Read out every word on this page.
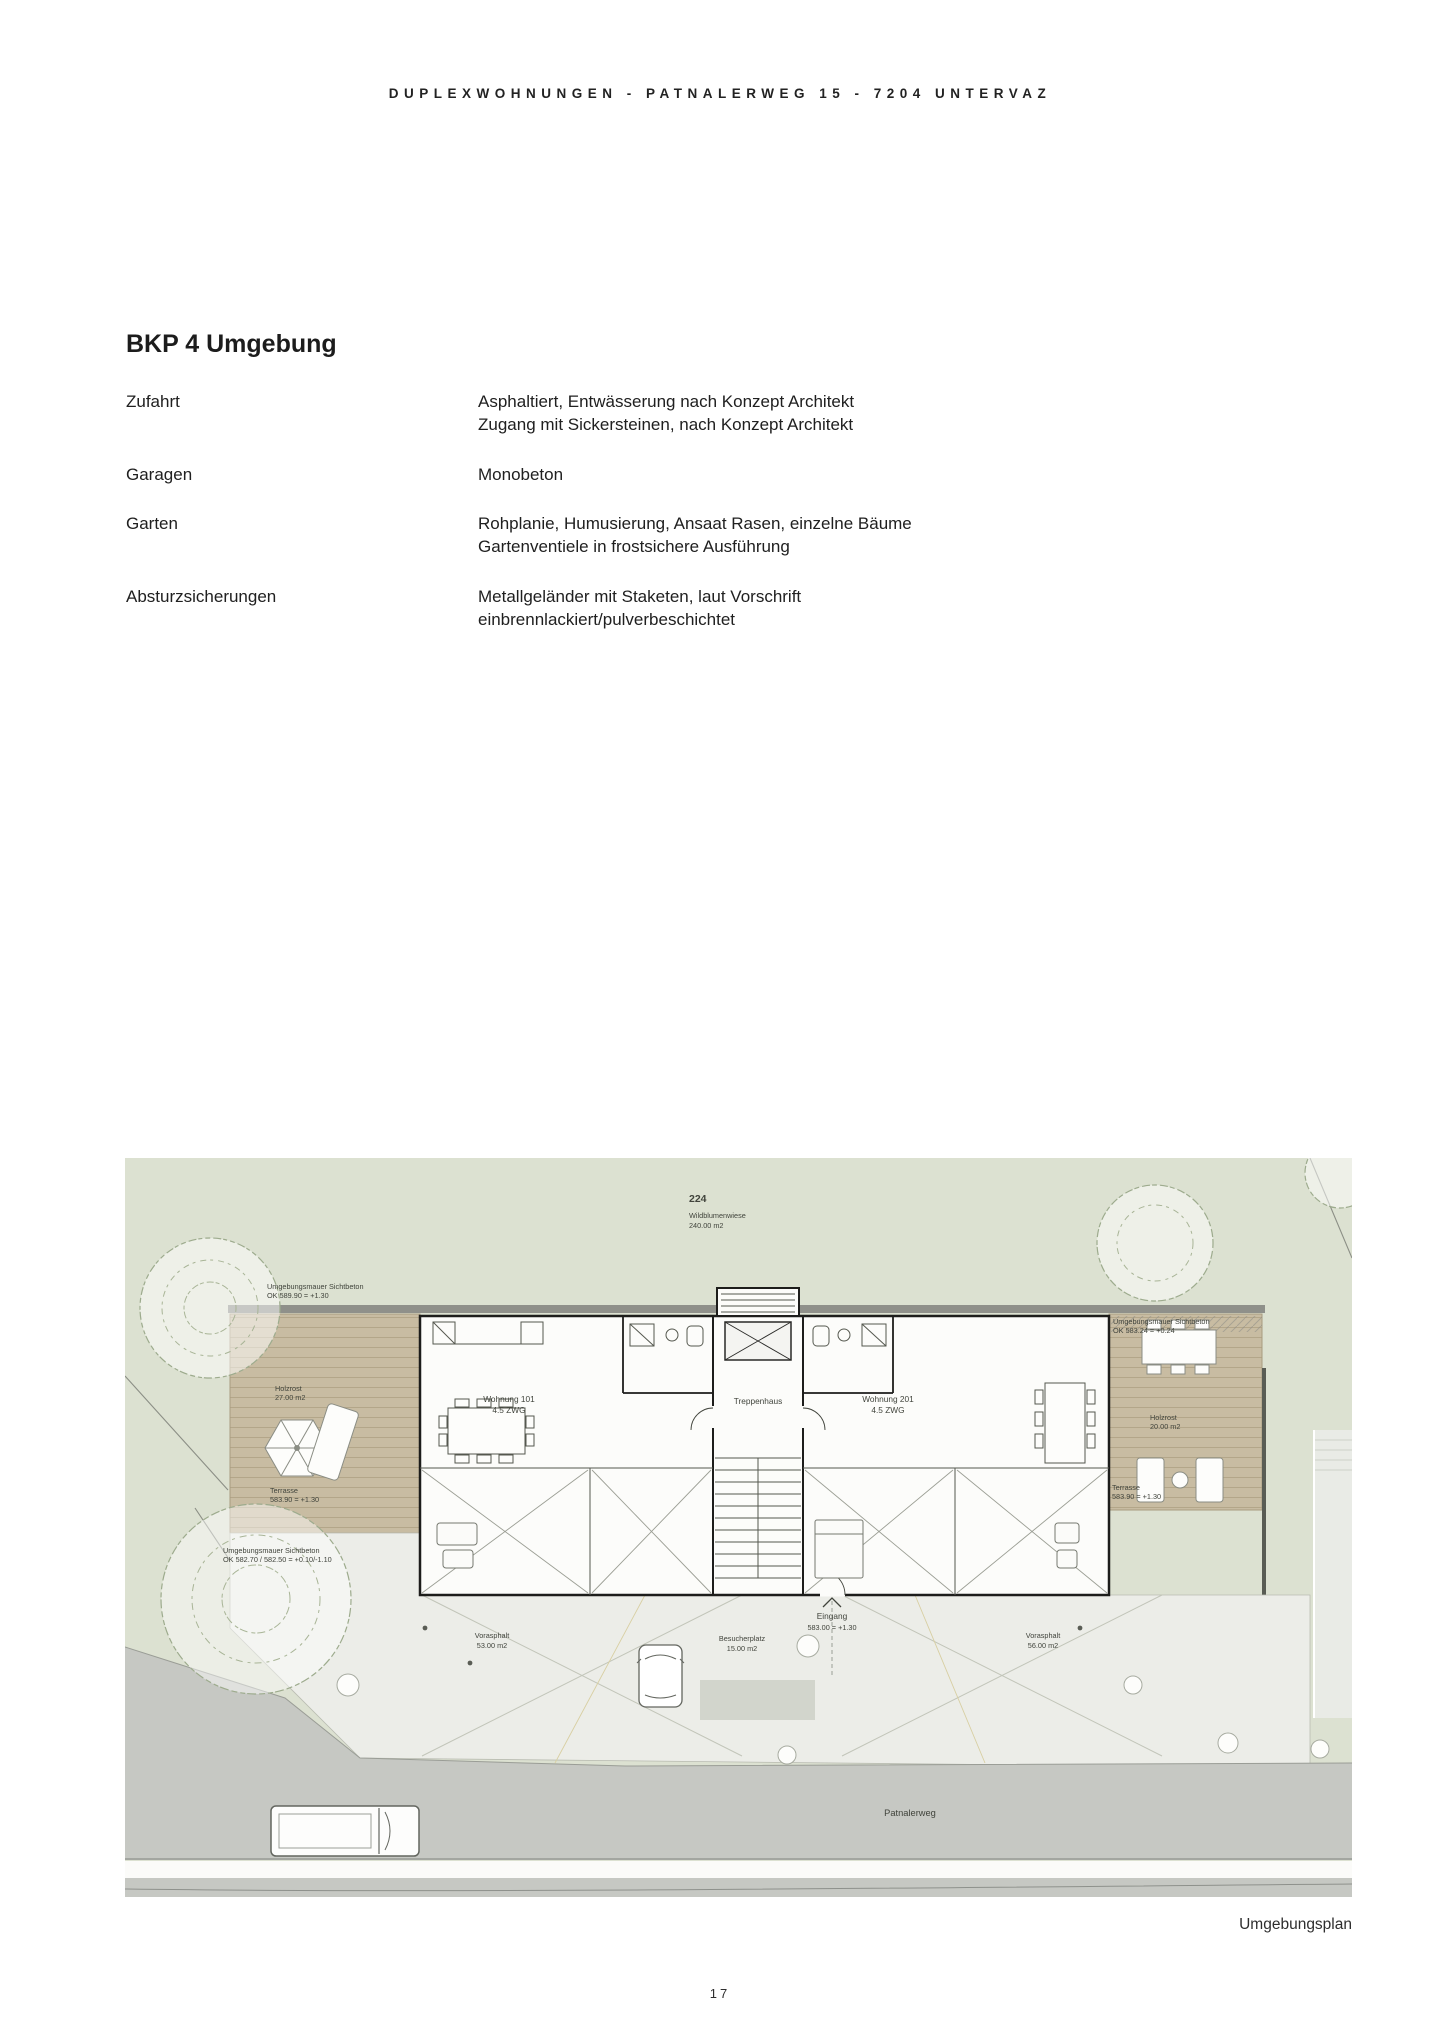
DUPLEXWOHNUNGEN - PATNALERWEG 15 - 7204 UNTERVAZ
BKP 4 Umgebung
Zufahrt	Asphaltiert, Entwässerung nach Konzept Architekt
Zugang mit Sickersteinen, nach Konzept Architekt
Garagen	Monobeton
Garten	Rohplanie, Humusierung, Ansaat Rasen, einzelne Bäume
Gartenventiele in frostsichere Ausführung
Absturzsicherungen	Metallgeländer mit Staketen, laut Vorschrift
einbrennlackiert/pulverbeschichtet
224
Wildblumenwiese
240.00 m2
Umgebungsmauer Sichtbeton
OK 589.90 = +1.30
Umgebungsmauer Sichtbeton
OK 583.24 = +0.24
Umgebungsmauer Sichtbeton
OK 582.70 / 582.50 = +0.10/-1.10
Holzrost
27.00 m2
Terrasse
583.90 = +1.30
Holzrost
20.00 m2
Terrasse
583.90 = +1.30
Wohnung 101
4.5 ZWG
Treppenhaus	Wohnung 201
4.5 ZWG
Vorasphalt
53.00 m2
Eingang
583.00 = +1.30
Besucherplatz
15.00 m2
Vorasphalt
56.00 m2
Patnalerweg
Umgebungsplan
17
